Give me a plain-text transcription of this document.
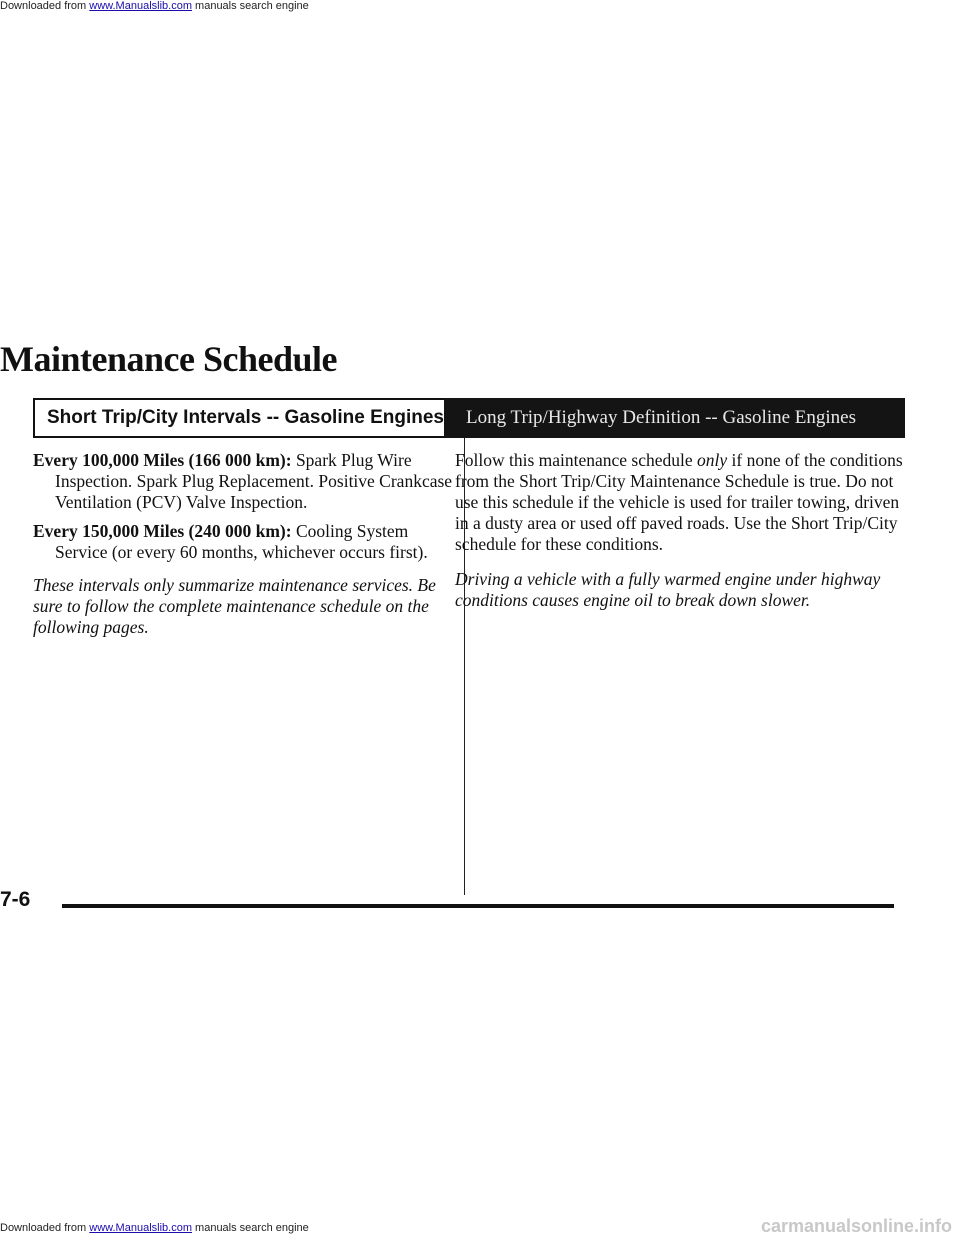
Downloaded from www.Manualslib.com manuals search engine
Maintenance Schedule
Short Trip/City Intervals -- Gasoline Engines

Every 100,000 Miles (166 000 km): Spark Plug Wire Inspection. Spark Plug Replacement. Positive Crankcase Ventilation (PCV) Valve Inspection.

Every 150,000 Miles (240 000 km): Cooling System Service (or every 60 months, whichever occurs first).

These intervals only summarize maintenance services. Be sure to follow the complete maintenance schedule on the following pages.

Long Trip/Highway Definition -- Gasoline Engines

Follow this maintenance schedule only if none of the conditions from the Short Trip/City Maintenance Schedule is true. Do not use this schedule if the vehicle is used for trailer towing, driven in a dusty area or used off paved roads. Use the Short Trip/City schedule for these conditions.

Driving a vehicle with a fully warmed engine under highway conditions causes engine oil to break down slower.

7-6
Downloaded from www.Manualslib.com manuals search engine	carmanualsonline.info
